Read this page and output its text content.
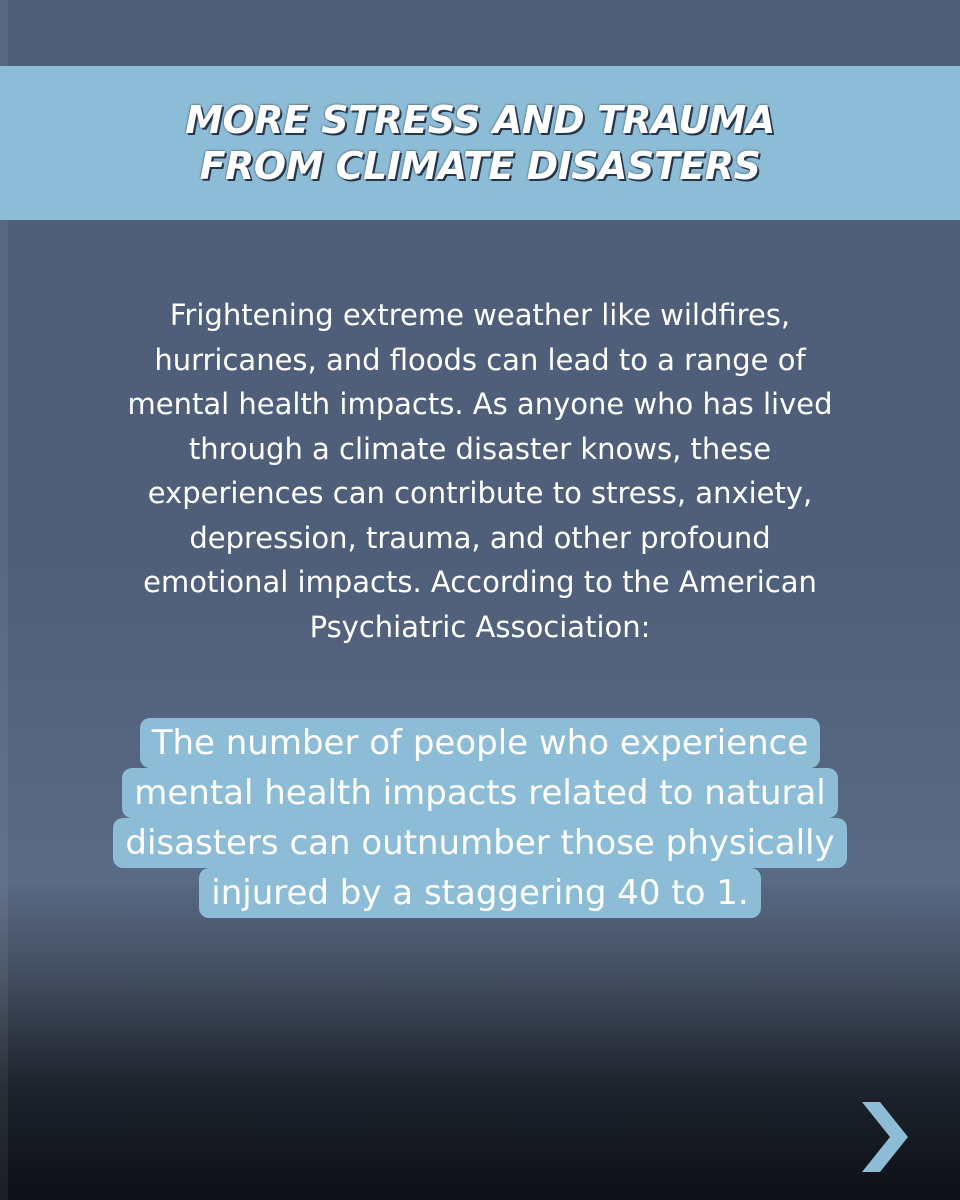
MORE STRESS AND TRAUMA
FROM CLIMATE DISASTERS

Frightening extreme weather like wildfires,
hurricanes, and floods can lead to a range of
mental health impacts. As anyone who has lived
through a climate disaster knows, these
experiences can contribute to stress, anxiety,
depression, trauma, and other profound
emotional impacts. According to the American
Psychiatric Association:

The number of people who experience
mental health impacts related to natural
disasters can outnumber those physically
injured by a staggering 40 to 1.
